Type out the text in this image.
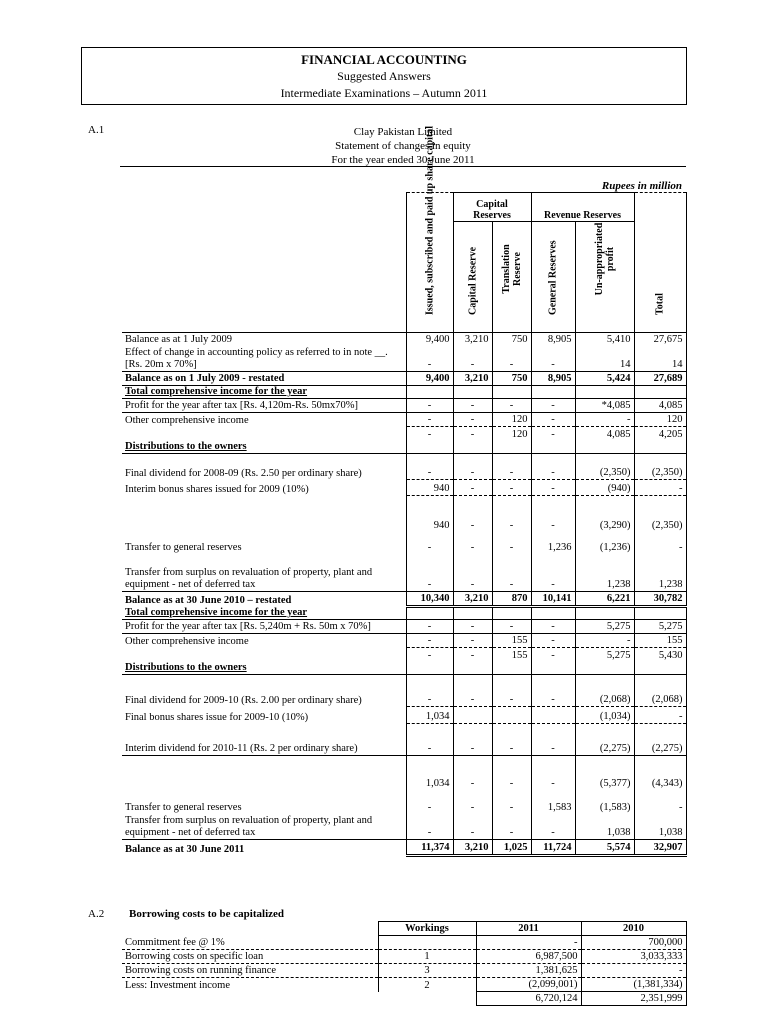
FINANCIAL ACCOUNTING
Suggested Answers
Intermediate Examinations – Autumn 2011
A.1	Clay Pakistan Limited
Statement of changes in equity
For the year ended 30 June 2011
Rupees in million

	Issued, subscribed and paid up share capital	Capital Reserves		Revenue Reserves		Total

		Capital Reserve	Translation Reserve	General Reserves	Un-appropriated profit	

Balance as at 1 July 2009	9,400	3,210	750	8,905	5,410	27,675
Effect of change in accounting policy as referred to in note __. [Rs. 20m x 70%]	-	-	-	-	14	14
Balance as on 1 July 2009 - restated	9,400	3,210	750	8,905	5,424	27,689
Total comprehensive income for the year						
Profit for the year after tax [Rs. 4,120m-Rs. 50mx70%]	-	-	-	-	*4,085	4,085
Other comprehensive income	-	-	120	-	-	120
	-	-	120	-	4,085	4,205
Distributions to the owners						
Final dividend for 2008-09 (Rs. 2.50 per ordinary share)	-	-	-	-	(2,350)	(2,350)
Interim bonus shares issued for 2009 (10%)	940	-	-	-	(940)	-
	940	-	-	-	(3,290)	(2,350)
Transfer to general reserves	-	-	-	1,236	(1,236)	-
Transfer from surplus on revaluation of property, plant and equipment - net of deferred tax	-	-	-	-	1,238	1,238
Balance as at 30 June 2010 – restated	10,340	3,210	870	10,141	6,221	30,782
Total comprehensive income for the year						
Profit for the year after tax [Rs. 5,240m + Rs. 50m x 70%]	-	-	-	-	5,275	5,275
Other comprehensive income	-	-	155	-	-	155
	-	-	155	-	5,275	5,430
Distributions to the owners						
Final dividend for 2009-10 (Rs. 2.00 per ordinary share)	-	-	-	-	(2,068)	(2,068)
Final bonus shares issue for 2009-10 (10%)	1,034				(1,034)	-
Interim dividend for 2010-11 (Rs. 2 per ordinary share)	-	-	-	-	(2,275)	(2,275)
	1,034	-	-	-	(5,377)	(4,343)
Transfer to general reserves	-	-	-	1,583	(1,583)	-
Transfer from surplus on revaluation of property, plant and equipment - net of deferred tax	-	-	-	-	1,038	1,038
Balance as at 30 June 2011	11,374	3,210	1,025	11,724	5,574	32,907
A.2 Borrowing costs to be capitalized
	Workings	2011	2010
Commitment fee @ 1%		-	700,000
Borrowing costs on specific loan	1	6,987,500	3,033,333
Borrowing costs on running finance	3	1,381,625	-
Less: Investment income	2	(2,099,001)	(1,381,334)
		6,720,124	2,351,999
